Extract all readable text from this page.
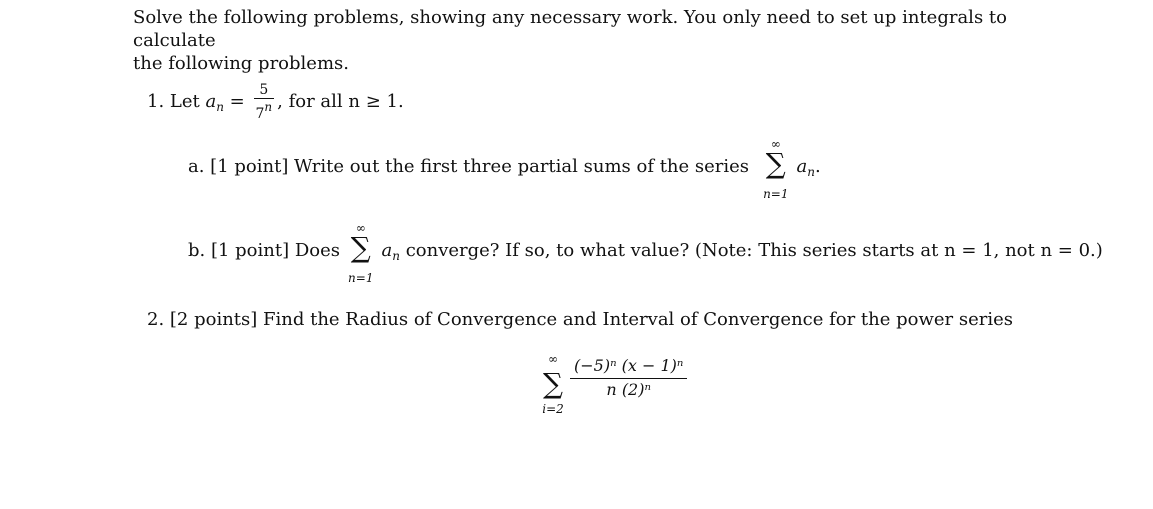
Solve the following problems, showing any necessary work. You only need to set up integrals to calculate
the following problems.
1. Let $a_n = \frac{5}{7n}$ , for all n ≥ 1.
a. [1 point] Write out the first three partial sums of the series
∞
∑
n=1
$a_n$.
b. [1 point] Does
∞
∑
n=1
$a_n$ converge? If so, to what value? (Note: This series starts at n = 1, not n = 0.)
2. [2 points] Find the Radius of Convergence and Interval of Convergence for the power series
∞
∑
i=2
$\frac{\text{(−5)ⁿ (x − 1)ⁿ}}{\text{n (2)ⁿ}}$
